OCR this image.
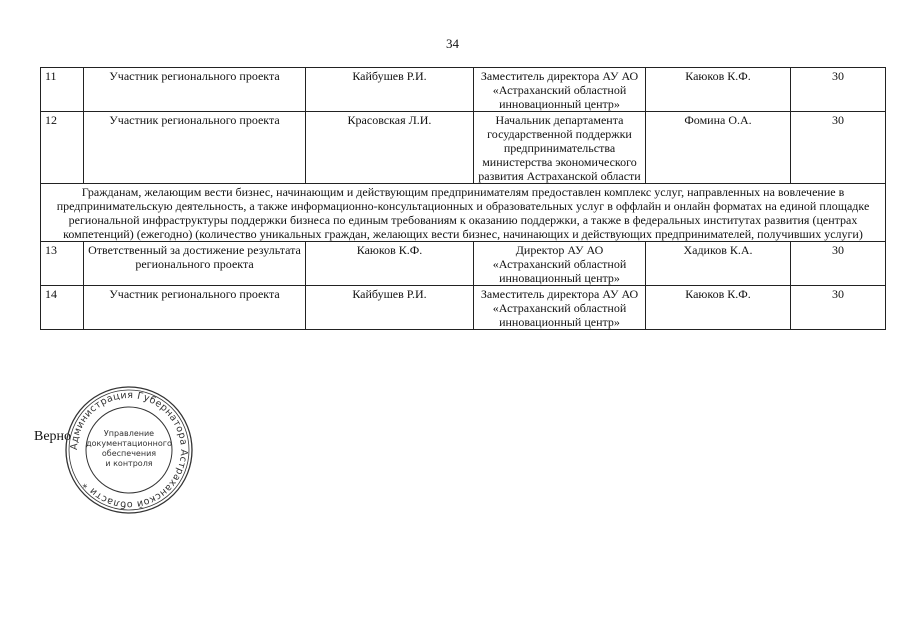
34
11	Участник регионального проекта	Кайбушев Р.И.	Заместитель директора АУ АО «Астраханский областной инновационный центр»	Каюков К.Ф.	30
12	Участник регионального проекта	Красовская Л.И.	Начальник департамента государственной поддержки предпринимательства министерства экономического развития Астраханской области	Фомина О.А.	30
Гражданам, желающим вести бизнес, начинающим и действующим предпринимателям предоставлен комплекс услуг, направленных на вовлечение в предпринимательскую деятельность, а также информационно-консультационных и образовательных услуг в оффлайн и онлайн форматах на единой площадке региональной инфраструктуры поддержки бизнеса по единым требованиям к оказанию поддержки, а также в федеральных институтах развития (центрах компетенций) (ежегодно) (количество уникальных граждан, желающих вести бизнес, начинающих и действующих предпринимателей, получивших услуги)					
13	Ответственный за достижение результата регионального проекта	Каюков К.Ф.	Директор АУ АО «Астраханский областной инновационный центр»	Хадиков К.А.	30
14	Участник регионального проекта	Кайбушев Р.И.	Заместитель директора АУ АО «Астраханский областной инновационный центр»	Каюков К.Ф.	30
Верно
Администрация Губернатора Астраханской области *
Управление
документационного
обеспечения
и контроля
